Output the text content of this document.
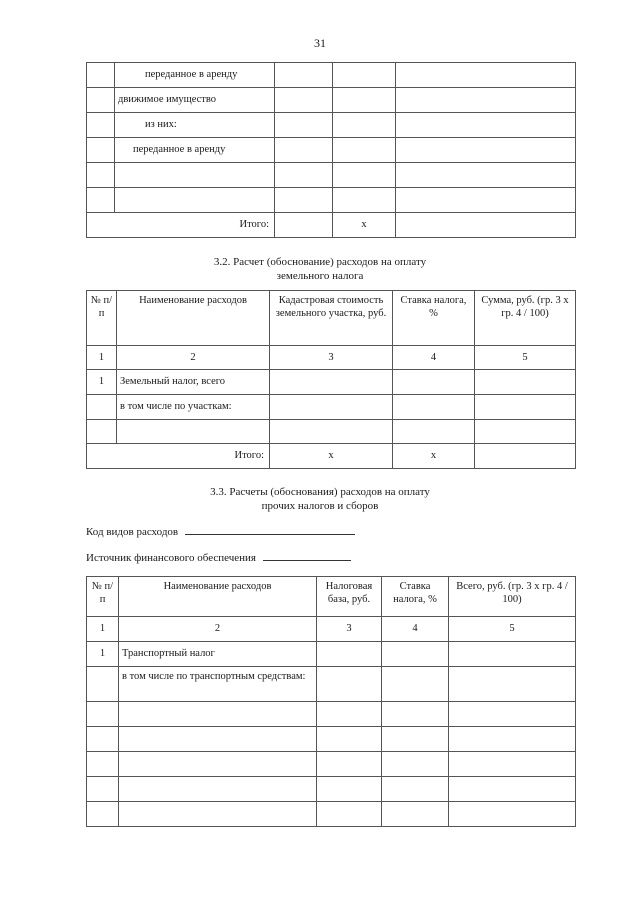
31
	переданное в аренду			
	движимое имущество			
	из них:			
	переданное в аренду			

Итого:			x	
3.2. Расчет (обоснование) расходов на оплату
земельного налога
№ п/п	Наименование расходов	Кадастровая стоимость земельного участка, руб.	Ставка налога, %	Сумма, руб. (гр. 3 х гр. 4 / 100)
1	2	3	4	5
1	Земельный налог, всего			
	в том числе по участкам:			

Итого:		x	x	
3.3. Расчеты (обоснования) расходов на оплату
прочих налогов и сборов
Код видов расходов
Источник финансового обеспечения
№ п/п	Наименование расходов	Налоговая база, руб.	Ставка налога, %	Всего, руб. (гр. 3 х гр. 4 / 100)
1	2	3	4	5
1	Транспортный налог			
	в том числе по транспортным средствам:			
